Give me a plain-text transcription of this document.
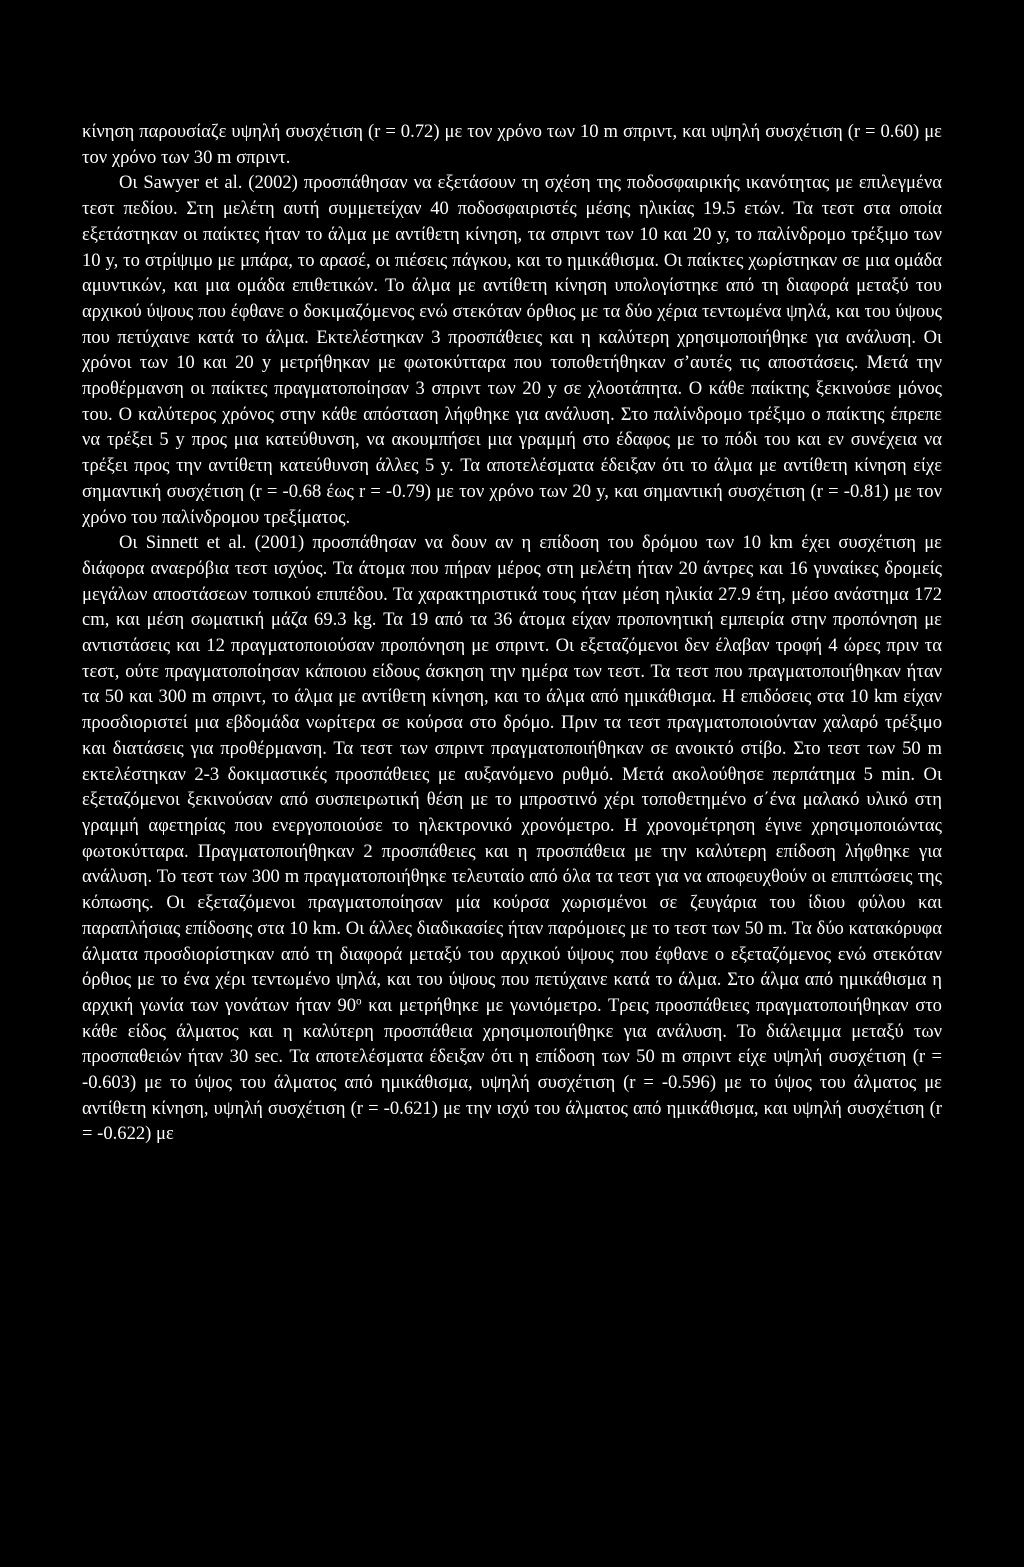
κίνηση παρουσίαζε υψηλή συσχέτιση (r = 0.72) με τον χρόνο των 10 m σπριντ, και υψηλή συσχέτιση (r = 0.60) με τον χρόνο των 30 m σπριντ.

Οι Sawyer et al. (2002) προσπάθησαν να εξετάσουν τη σχέση της ποδοσφαιρικής ικανότητας με επιλεγμένα τεστ πεδίου. Στη μελέτη αυτή συμμετείχαν 40 ποδοσφαιριστές μέσης ηλικίας 19.5 ετών. Τα τεστ στα οποία εξετάστηκαν οι παίκτες ήταν το άλμα με αντίθετη κίνηση, τα σπριντ των 10 και 20 y, το παλίνδρομο τρέξιμο των 10 y, το στρίψιμο με μπάρα, το αρασέ, οι πιέσεις πάγκου, και το ημικάθισμα. Οι παίκτες χωρίστηκαν σε μια ομάδα αμυντικών, και μια ομάδα επιθετικών. Το άλμα με αντίθετη κίνηση υπολογίστηκε από τη διαφορά μεταξύ του αρχικού ύψους που έφθανε ο δοκιμαζόμενος ενώ στεκόταν όρθιος με τα δύο χέρια τεντωμένα ψηλά, και του ύψους που πετύχαινε κατά το άλμα. Εκτελέστηκαν 3 προσπάθειες και η καλύτερη χρησιμοποιήθηκε για ανάλυση. Οι χρόνοι των 10 και 20 y μετρήθηκαν με φωτοκύτταρα που τοποθετήθηκαν σ’αυτές τις αποστάσεις. Μετά την προθέρμανση οι παίκτες πραγματοποίησαν 3 σπριντ των 20 y σε χλοοτάπητα. Ο κάθε παίκτης ξεκινούσε μόνος του. Ο καλύτερος χρόνος στην κάθε απόσταση λήφθηκε για ανάλυση. Στο παλίνδρομο τρέξιμο ο παίκτης έπρεπε να τρέξει 5 y προς μια κατεύθυνση, να ακουμπήσει μια γραμμή στο έδαφος με το πόδι του και εν συνέχεια να τρέξει προς την αντίθετη κατεύθυνση άλλες 5 y. Τα αποτελέσματα έδειξαν ότι το άλμα με αντίθετη κίνηση είχε σημαντική συσχέτιση (r = -0.68 έως r = -0.79) με τον χρόνο των 20 y, και σημαντική συσχέτιση (r = -0.81) με τον χρόνο του παλίνδρομου τρεξίματος.

Οι Sinnett et al. (2001) προσπάθησαν να δουν αν η επίδοση του δρόμου των 10 km έχει συσχέτιση με διάφορα αναερόβια τεστ ισχύος. Τα άτομα που πήραν μέρος στη μελέτη ήταν 20 άντρες και 16 γυναίκες δρομείς μεγάλων αποστάσεων τοπικού επιπέδου. Τα χαρακτηριστικά τους ήταν μέση ηλικία 27.9 έτη, μέσο ανάστημα 172 cm, και μέση σωματική μάζα 69.3 kg. Τα 19 από τα 36 άτομα είχαν προπονητική εμπειρία στην προπόνηση με αντιστάσεις και 12 πραγματοποιούσαν προπόνηση με σπριντ. Οι εξεταζόμενοι δεν έλαβαν τροφή 4 ώρες πριν τα τεστ, ούτε πραγματοποίησαν κάποιου είδους άσκηση την ημέρα των τεστ. Τα τεστ που πραγματοποιήθηκαν ήταν τα 50 και 300 m σπριντ, το άλμα με αντίθετη κίνηση, και το άλμα από ημικάθισμα. Η επιδόσεις στα 10 km είχαν προσδιοριστεί μια εβδομάδα νωρίτερα σε κούρσα στο δρόμο. Πριν τα τεστ πραγματοποιούνταν χαλαρό τρέξιμο και διατάσεις για προθέρμανση. Τα τεστ των σπριντ πραγματοποιήθηκαν σε ανοικτό στίβο. Στο τεστ των 50 m εκτελέστηκαν 2-3 δοκιμαστικές προσπάθειες με αυξανόμενο ρυθμό. Μετά ακολούθησε περπάτημα 5 min. Οι εξεταζόμενοι ξεκινούσαν από συσπειρωτική θέση με το μπροστινό χέρι τοποθετημένο σ΄ένα μαλακό υλικό στη γραμμή αφετηρίας που ενεργοποιούσε το ηλεκτρονικό χρονόμετρο. Η χρονομέτρηση έγινε χρησιμοποιώντας φωτοκύτταρα. Πραγματοποιήθηκαν 2 προσπάθειες και η προσπάθεια με την καλύτερη επίδοση λήφθηκε για ανάλυση. Το τεστ των 300 m πραγματοποιήθηκε τελευταίο από όλα τα τεστ για να αποφευχθούν οι επιπτώσεις της κόπωσης. Οι εξεταζόμενοι πραγματοποίησαν μία κούρσα χωρισμένοι σε ζευγάρια του ίδιου φύλου και παραπλήσιας επίδοσης στα 10 km. Οι άλλες διαδικασίες ήταν παρόμοιες με το τεστ των 50 m. Τα δύο κατακόρυφα άλματα προσδιορίστηκαν από τη διαφορά μεταξύ του αρχικού ύψους που έφθανε ο εξεταζόμενος ενώ στεκόταν όρθιος με το ένα χέρι τεντωμένο ψηλά, και του ύψους που πετύχαινε κατά το άλμα. Στο άλμα από ημικάθισμα η αρχική γωνία των γονάτων ήταν 90$^o$ και μετρήθηκε με γωνιόμετρο. Τρεις προσπάθειες πραγματοποιήθηκαν στο κάθε είδος άλματος και η καλύτερη προσπάθεια χρησιμοποιήθηκε για ανάλυση. Το διάλειμμα μεταξύ των προσπαθειών ήταν 30 sec. Τα αποτελέσματα έδειξαν ότι η επίδοση των 50 m σπριντ είχε υψηλή συσχέτιση (r = -0.603) με το ύψος του άλματος από ημικάθισμα, υψηλή συσχέτιση (r = -0.596) με το ύψος του άλματος με αντίθετη κίνηση, υψηλή συσχέτιση (r = -0.621) με την ισχύ του άλματος από ημικάθισμα, και υψηλή συσχέτιση (r = -0.622) με
